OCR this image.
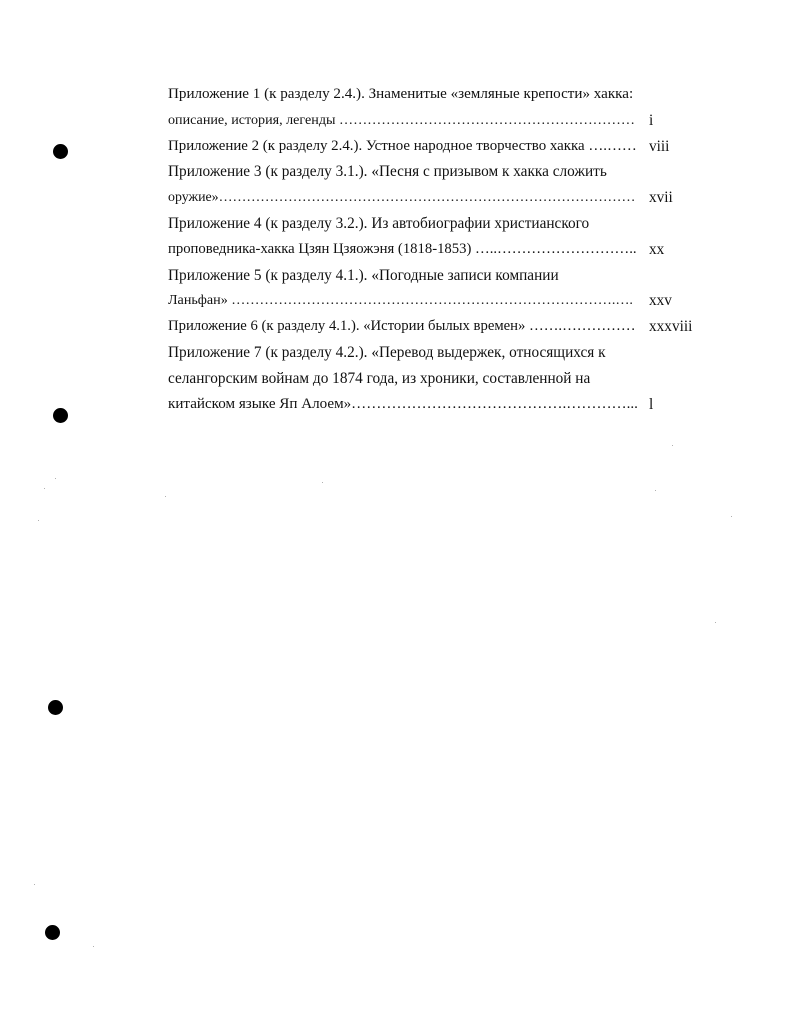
Приложение 1 (к разделу 2.4.). Знаменитые «земляные крепости» хакка:
описание, история, легенды ……………………………………………………… i
Приложение 2 (к разделу 2.4.). Устное народное творчество хакка ….…… viii
Приложение 3 (к разделу 3.1.). «Песня с призывом к хакка сложить
оружие»……………………………………………………………………………… xvii
Приложение 4 (к разделу 3.2.). Из автобиографии христианского
проповедника-хакка Цзян Цзяожэня (1818-1853) …..……………………….. xx
Приложение 5 (к разделу 4.1.). «Погодные записи компании
Ланьфан» ……………………………………………………………………….…. xxv
Приложение 6 (к разделу 4.1.). «Истории былых времен» …….…………… xxxviii
Приложение 7 (к разделу 4.2.). «Перевод выдержек, относящихся к
селангорским войнам до 1874 года, из хроники, составленной на
китайском языке Яп Алоем»…………………………………….…………... l
